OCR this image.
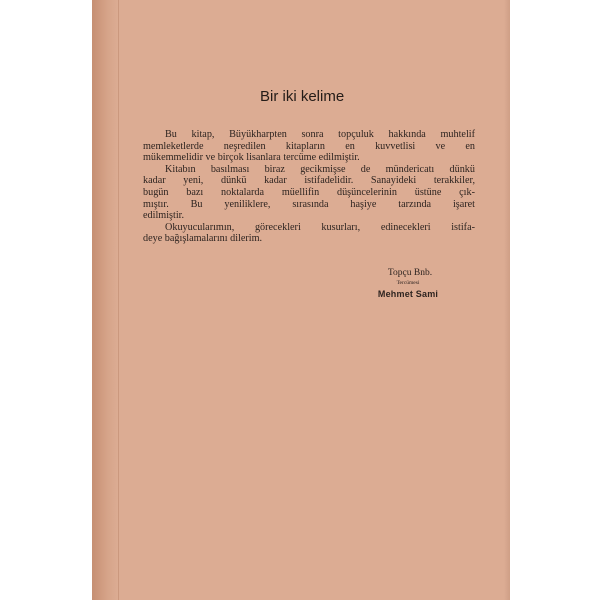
Bir iki kelime

Bu kitap, Büyükharpten sonra topçuluk hakkında muhtelif
memleketlerde neşredilen kitapların en kuvvetlisi ve en
mükemmelidir ve birçok lisanlara tercüme edilmiştir.

Kitabın basılması biraz gecikmişse de mündericatı dünkü
kadar yeni, dünkü kadar istifadelidir. Sanayideki terakkiler,
bugün bazı noktalarda müellifin düşüncelerinin üstüne çık-
mıştır. Bu yeniliklere, sırasında haşiye tarzında işaret
edilmiştir.

Okuyucularımın, görecekleri kusurları, edinecekleri istifa-
deye bağışlamalarını dilerim.

Topçu Bnb.
Tercümesi
Mehmet Sami
